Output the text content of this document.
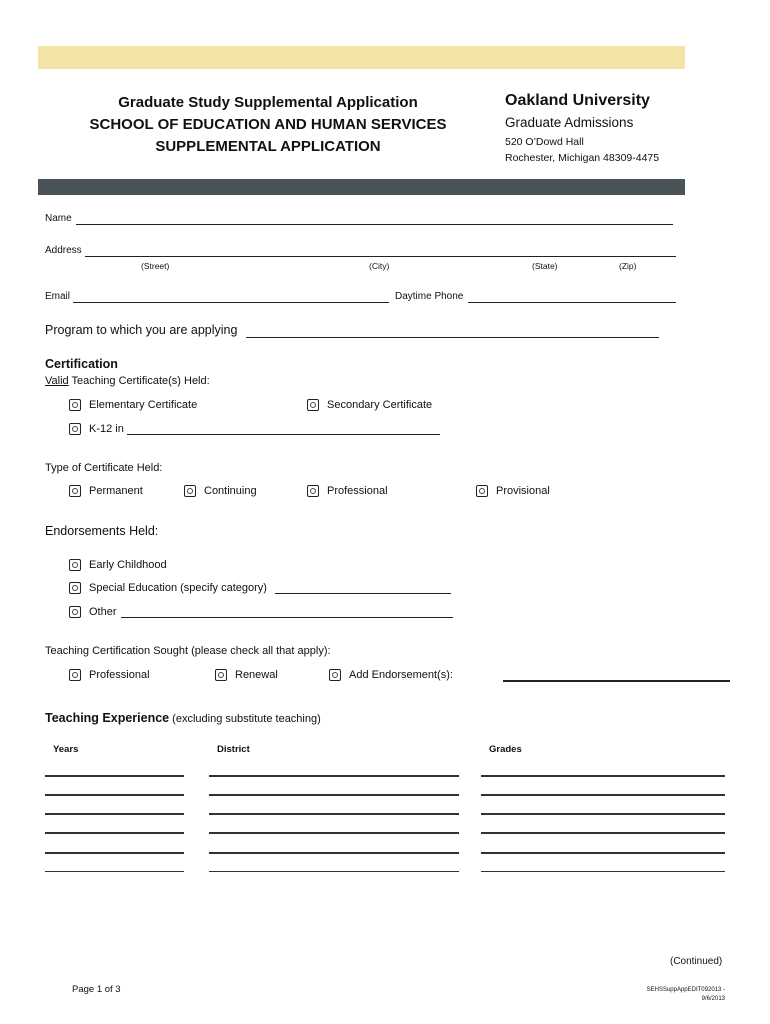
Graduate Study Supplemental Application
SCHOOL OF EDUCATION AND HUMAN SERVICES
SUPPLEMENTAL APPLICATION
Oakland University
Graduate Admissions
520 O’Dowd Hall
Rochester, Michigan 48309-4475
Name
Address
(Street)	(City)	(State)	(Zip)
Email	Daytime Phone
Program to which you are applying
Certification
Valid Teaching Certificate(s) Held:
Elementary Certificate	Secondary Certificate
K-12 in
Type of Certificate Held:
Permanent	Continuing	Professional	Provisional
Endorsements Held:
Early Childhood
Special Education (specify category)
Other
Teaching Certification Sought (please check all that apply):
Professional	Renewal	Add Endorsement(s):
Teaching Experience (excluding substitute teaching)
Years	District	Grades
(Continued)
Page 1 of 3	SEHSSuppAppEDIT092013 -
9/6/2013
